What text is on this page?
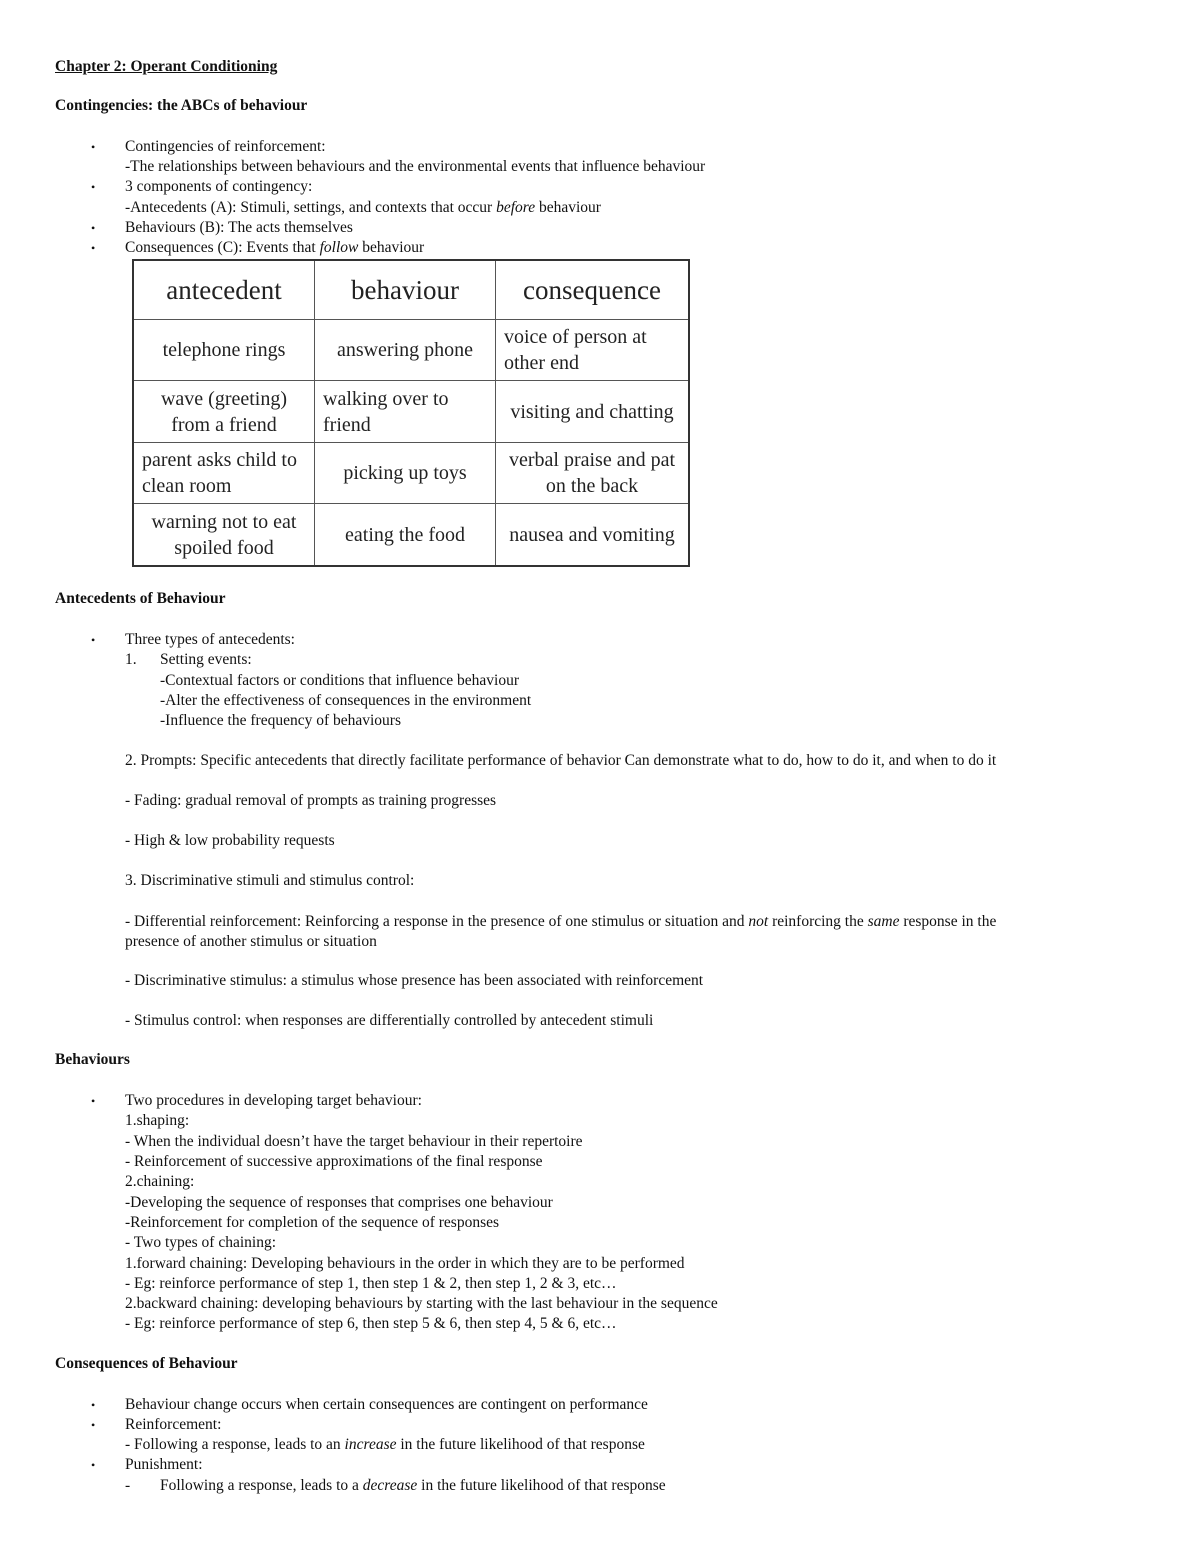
Chapter 2: Operant Conditioning
Contingencies: the ABCs of behaviour
• Contingencies of reinforcement:
-The relationships between behaviours and the environmental events that influence behaviour
• 3 components of contingency:
-Antecedents (A): Stimuli, settings, and contexts that occur before behaviour
• Behaviours (B): The acts themselves
• Consequences (C): Events that follow behaviour
antecedent	behaviour	consequence
telephone rings	answering phone	voice of person at other end
wave (greeting) from a friend	walking over to friend	visiting and chatting
parent asks child to clean room	picking up toys	verbal praise and pat on the back
warning not to eat spoiled food	eating the food	nausea and vomiting
Antecedents of Behaviour
• Three types of antecedents:
1. Setting events:
-Contextual factors or conditions that influence behaviour
-Alter the effectiveness of consequences in the environment
-Influence the frequency of behaviours
2. Prompts: Specific antecedents that directly facilitate performance of behavior Can demonstrate what to do, how to do it, and when to do it
- Fading: gradual removal of prompts as training progresses
- High & low probability requests
3. Discriminative stimuli and stimulus control:
- Differential reinforcement: Reinforcing a response in the presence of one stimulus or situation and not reinforcing the same response in the
presence of another stimulus or situation
- Discriminative stimulus: a stimulus whose presence has been associated with reinforcement
- Stimulus control: when responses are differentially controlled by antecedent stimuli
Behaviours
• Two procedures in developing target behaviour:
1.shaping:
- When the individual doesn’t have the target behaviour in their repertoire
- Reinforcement of successive approximations of the final response
2.chaining:
-Developing the sequence of responses that comprises one behaviour
-Reinforcement for completion of the sequence of responses
- Two types of chaining:
1.forward chaining: Developing behaviours in the order in which they are to be performed
- Eg: reinforce performance of step 1, then step 1 & 2, then step 1, 2 & 3, etc…
2.backward chaining: developing behaviours by starting with the last behaviour in the sequence
- Eg: reinforce performance of step 6, then step 5 & 6, then step 4, 5 & 6, etc…
Consequences of Behaviour
• Behaviour change occurs when certain consequences are contingent on performance
• Reinforcement:
- Following a response, leads to an increase in the future likelihood of that response
• Punishment:
- Following a response, leads to a decrease in the future likelihood of that response
